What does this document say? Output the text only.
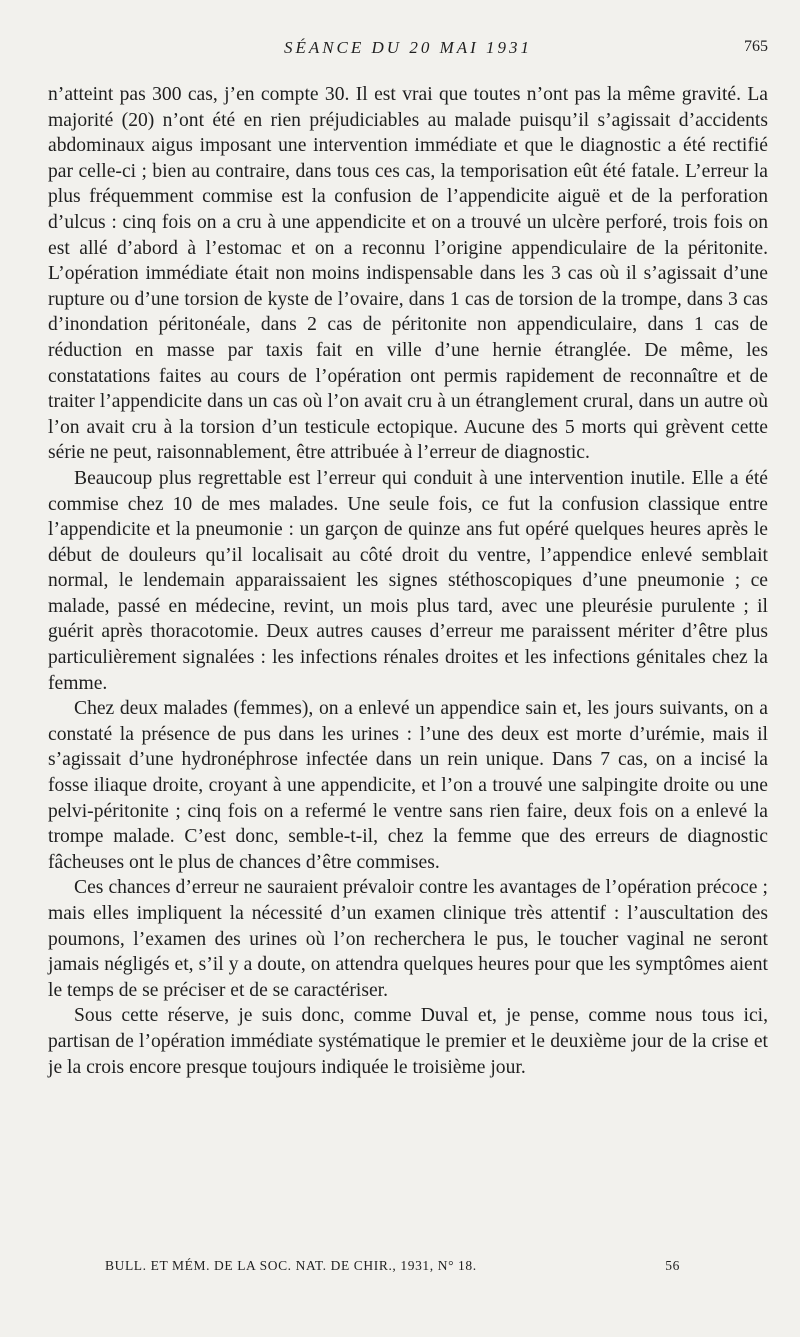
SÉANCE DU 20 MAI 1931	765

n’atteint pas 300 cas, j’en compte 30. Il est vrai que toutes n’ont pas la même gravité. La majorité (20) n’ont été en rien préjudiciables au malade puisqu’il s’agissait d’accidents abdominaux aigus imposant une intervention immédiate et que le diagnostic a été rectifié par celle-ci ; bien au contraire, dans tous ces cas, la temporisation eût été fatale. L’erreur la plus fréquemment commise est la confusion de l’appendicite aiguë et de la perforation d’ulcus : cinq fois on a cru à une appendicite et on a trouvé un ulcère perforé, trois fois on est allé d’abord à l’estomac et on a reconnu l’origine appendiculaire de la péritonite. L’opération immédiate était non moins indispensable dans les 3 cas où il s’agissait d’une rupture ou d’une torsion de kyste de l’ovaire, dans 1 cas de torsion de la trompe, dans 3 cas d’inondation péritonéale, dans 2 cas de péritonite non appendiculaire, dans 1 cas de réduction en masse par taxis fait en ville d’une hernie étranglée. De même, les constatations faites au cours de l’opération ont permis rapidement de reconnaître et de traiter l’appendicite dans un cas où l’on avait cru à un étranglement crural, dans un autre où l’on avait cru à la torsion d’un testicule ectopique. Aucune des 5 morts qui grèvent cette série ne peut, raisonnablement, être attribuée à l’erreur de diagnostic.

Beaucoup plus regrettable est l’erreur qui conduit à une intervention inutile. Elle a été commise chez 10 de mes malades. Une seule fois, ce fut la confusion classique entre l’appendicite et la pneumonie : un garçon de quinze ans fut opéré quelques heures après le début de douleurs qu’il localisait au côté droit du ventre, l’appendice enlevé semblait normal, le lendemain apparaissaient les signes stéthoscopiques d’une pneumonie ; ce malade, passé en médecine, revint, un mois plus tard, avec une pleurésie purulente ; il guérit après thoracotomie. Deux autres causes d’erreur me paraissent mériter d’être plus particulièrement signalées : les infections rénales droites et les infections génitales chez la femme.

Chez deux malades (femmes), on a enlevé un appendice sain et, les jours suivants, on a constaté la présence de pus dans les urines : l’une des deux est morte d’urémie, mais il s’agissait d’une hydronéphrose infectée dans un rein unique. Dans 7 cas, on a incisé la fosse iliaque droite, croyant à une appendicite, et l’on a trouvé une salpingite droite ou une pelvi-péritonite ; cinq fois on a refermé le ventre sans rien faire, deux fois on a enlevé la trompe malade. C’est donc, semble-t-il, chez la femme que des erreurs de diagnostic fâcheuses ont le plus de chances d’être commises.

Ces chances d’erreur ne sauraient prévaloir contre les avantages de l’opération précoce ; mais elles impliquent la nécessité d’un examen clinique très attentif : l’auscultation des poumons, l’examen des urines où l’on recherchera le pus, le toucher vaginal ne seront jamais négligés et, s’il y a doute, on attendra quelques heures pour que les symptômes aient le temps de se préciser et de se caractériser.

Sous cette réserve, je suis donc, comme Duval et, je pense, comme nous tous ici, partisan de l’opération immédiate systématique le premier et le deuxième jour de la crise et je la crois encore presque toujours indiquée le troisième jour.

BULL. ET MÉM. DE LA SOC. NAT. DE CHIR., 1931, N° 18.	56
